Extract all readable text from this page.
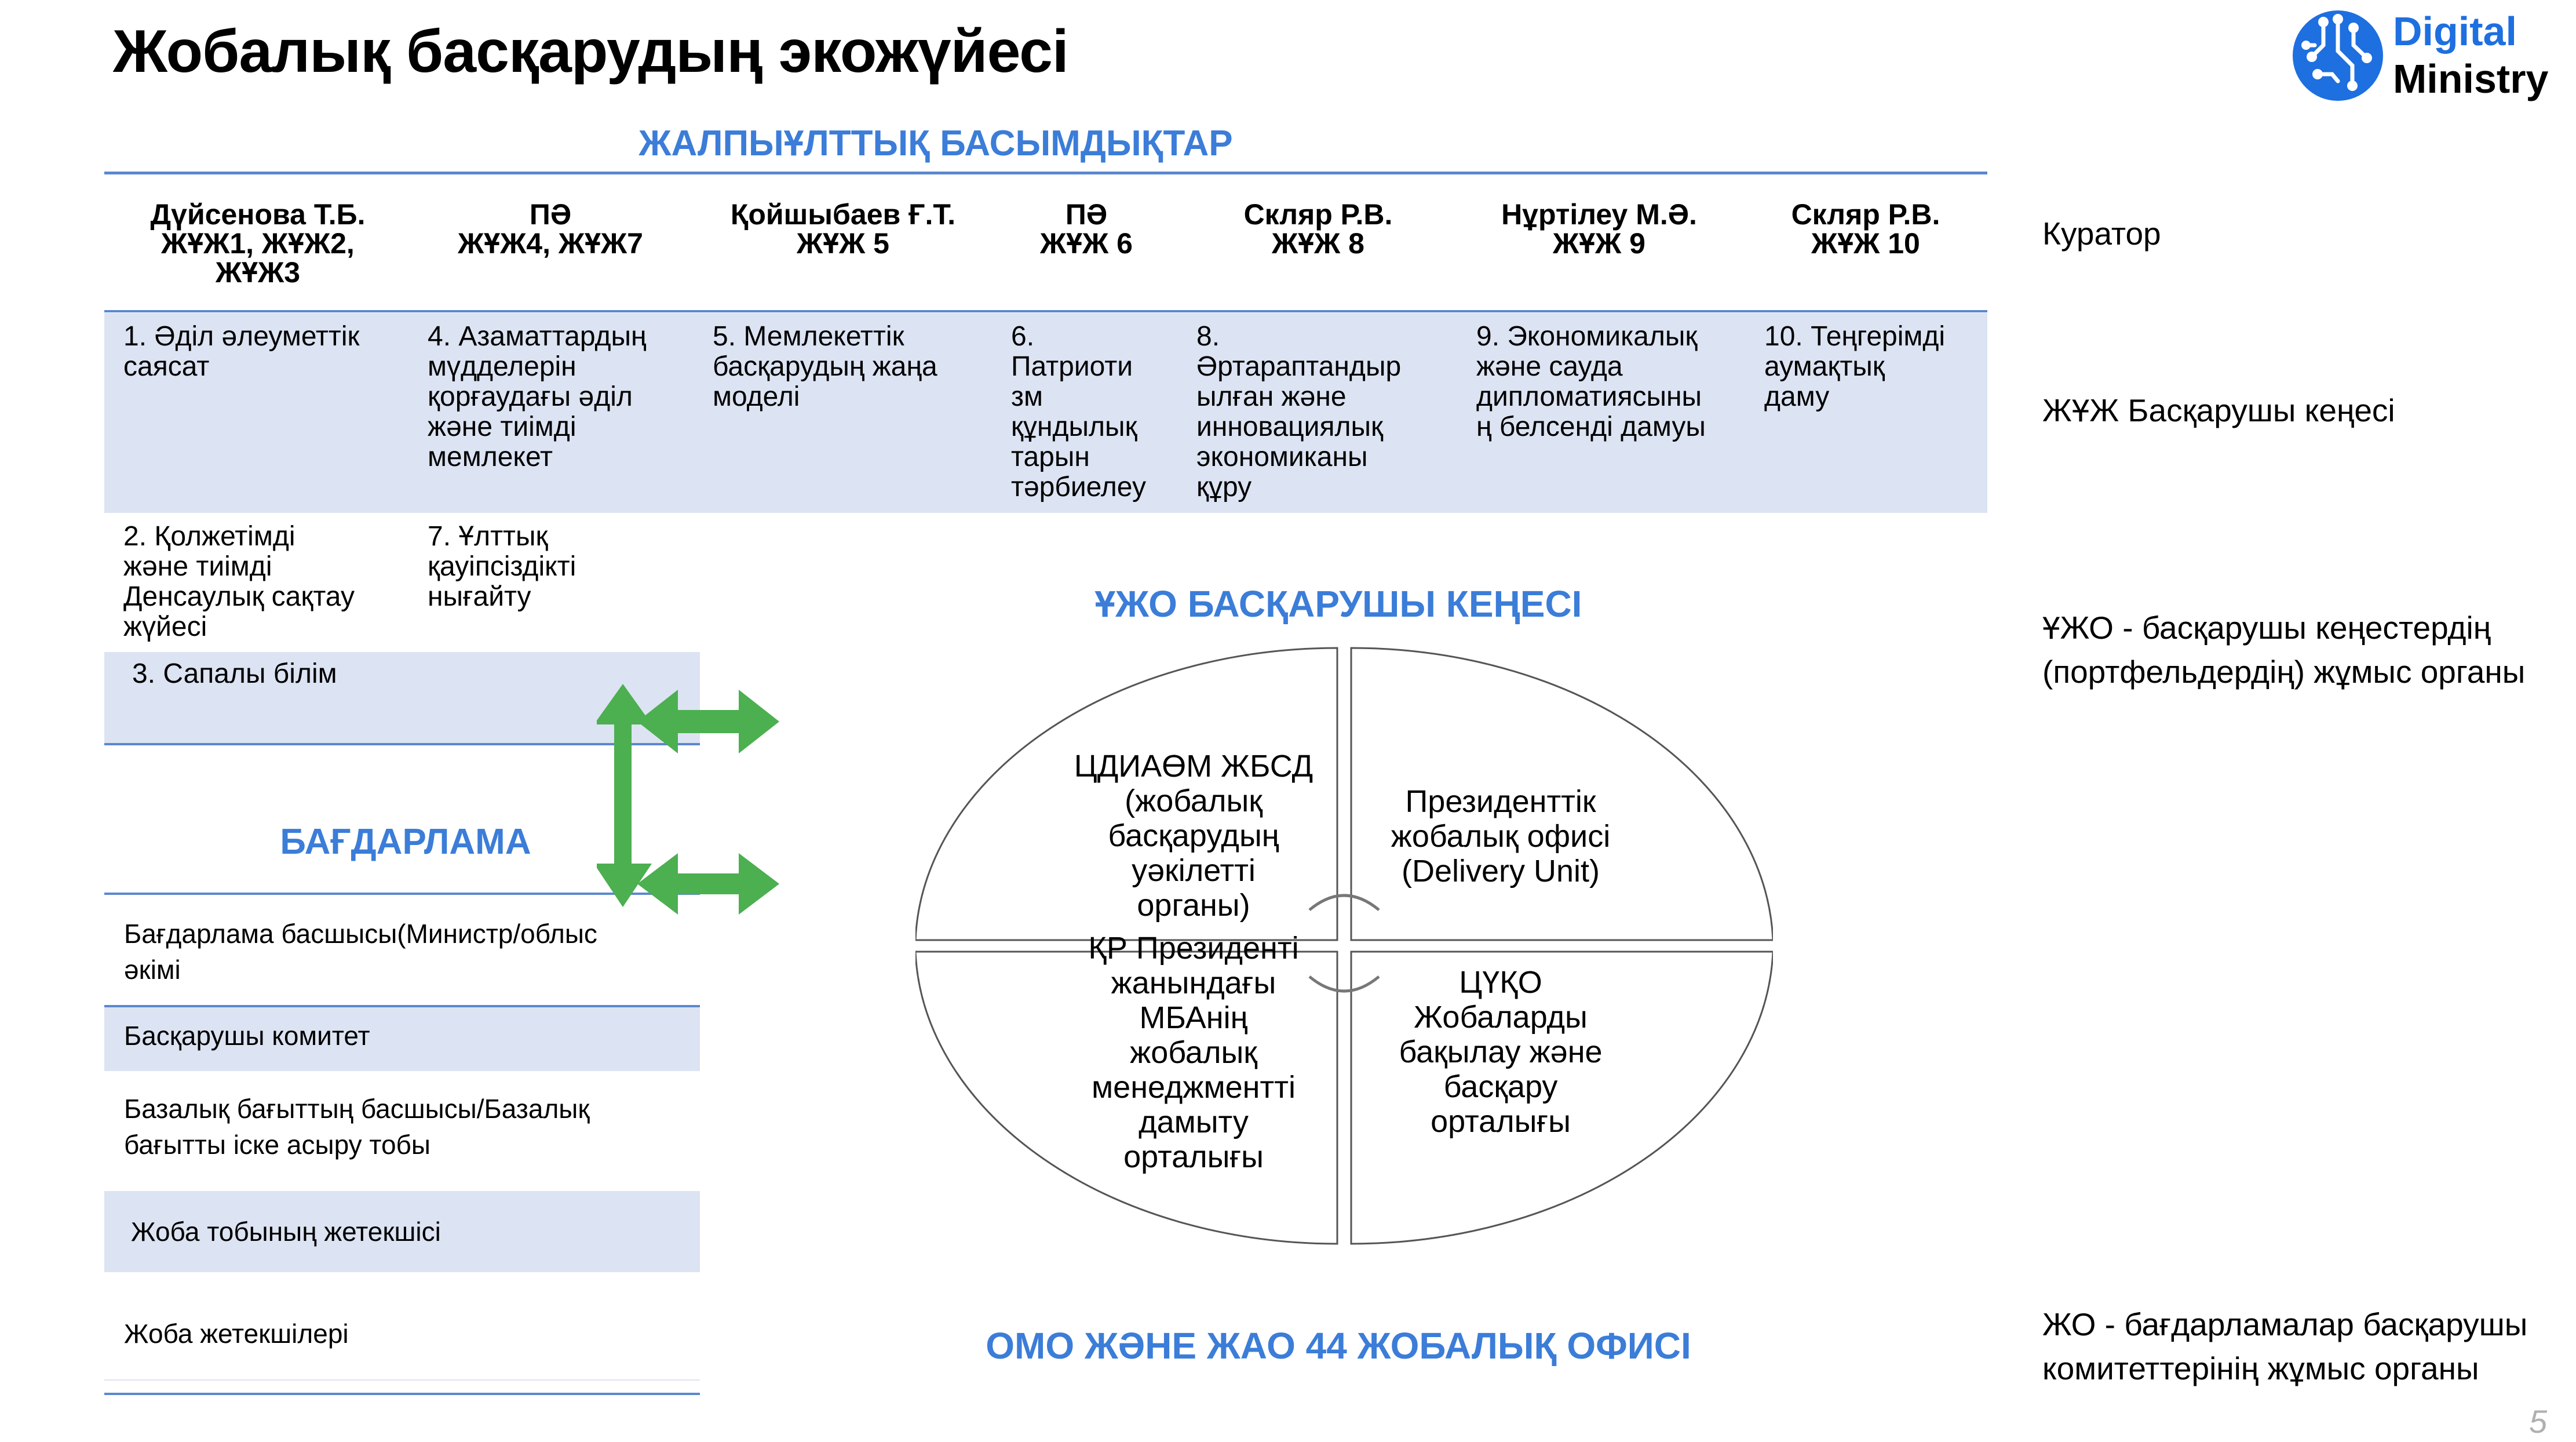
Жобалық басқарудың экожүйесі	Digital
Ministry
ЖАЛПЫҰЛТТЫҚ БАСЫМДЫҚТАР
Дүйсенова Т.Б.
ЖҰЖ1, ЖҰЖ2,
ЖҰЖ3
ПӘ
ЖҰЖ4, ЖҰЖ7
Қойшыбаев Ғ.Т.
ЖҰЖ 5
ПӘ
ЖҰЖ 6
Скляр Р.В.
ЖҰЖ 8
Нұртілеу М.Ә.
ЖҰЖ 9
Скляр Р.В.
ЖҰЖ 10
1. Әділ әлеуметтік
саясат
4. Азаматтардың
мүдделерін
қорғаудағы әділ
және тиімді
мемлекет
5. Мемлекеттік
басқарудың жаңа
моделі
6.
Патриоти
зм
құндылық
тарын
тәрбиелеу
8.
Әртараптандыр
ылған және
инновациялық
экономиканы
құру
9. Экономикалық
және сауда
дипломатиясыны
ң белсенді дамуы
10. Теңгерімді
аумақтық
даму
2. Қолжетімді
және тиімді
Денсаулық сақтау
жүйесі
7. Ұлттық
қауіпсіздікті
нығайту
3. Сапалы білім
БАҒДАРЛАМА
Бағдарлама басшысы(Министр/облыс
әкімі
Басқарушы комитет
Базалық бағыттың басшысы/Базалық
бағытты іске асыру тобы
Жоба тобының жетекшісі
Жоба жетекшілері
ҰЖО БАСҚАРУШЫ КЕҢЕСІ
ЦДИАӨМ ЖБСД
(жобалық
басқарудың
уәкілетті
органы)
Президенттік
жобалық офисі
(Delivery Unit)
ҚР Президенті
жанындағы
МБАнің
жобалық
менеджментті
дамыту
орталығы
ЦҮҚО
Жобаларды
бақылау және
басқару
орталығы
ОМО ЖӘНЕ ЖАО 44 ЖОБАЛЫҚ ОФИСІ
Куратор
ЖҰЖ Басқарушы кеңесі
ҰЖО - басқарушы кеңестердің
(портфельдердің) жұмыс органы
ЖО - бағдарламалар басқарушы
комитеттерінің жұмыс органы
5
